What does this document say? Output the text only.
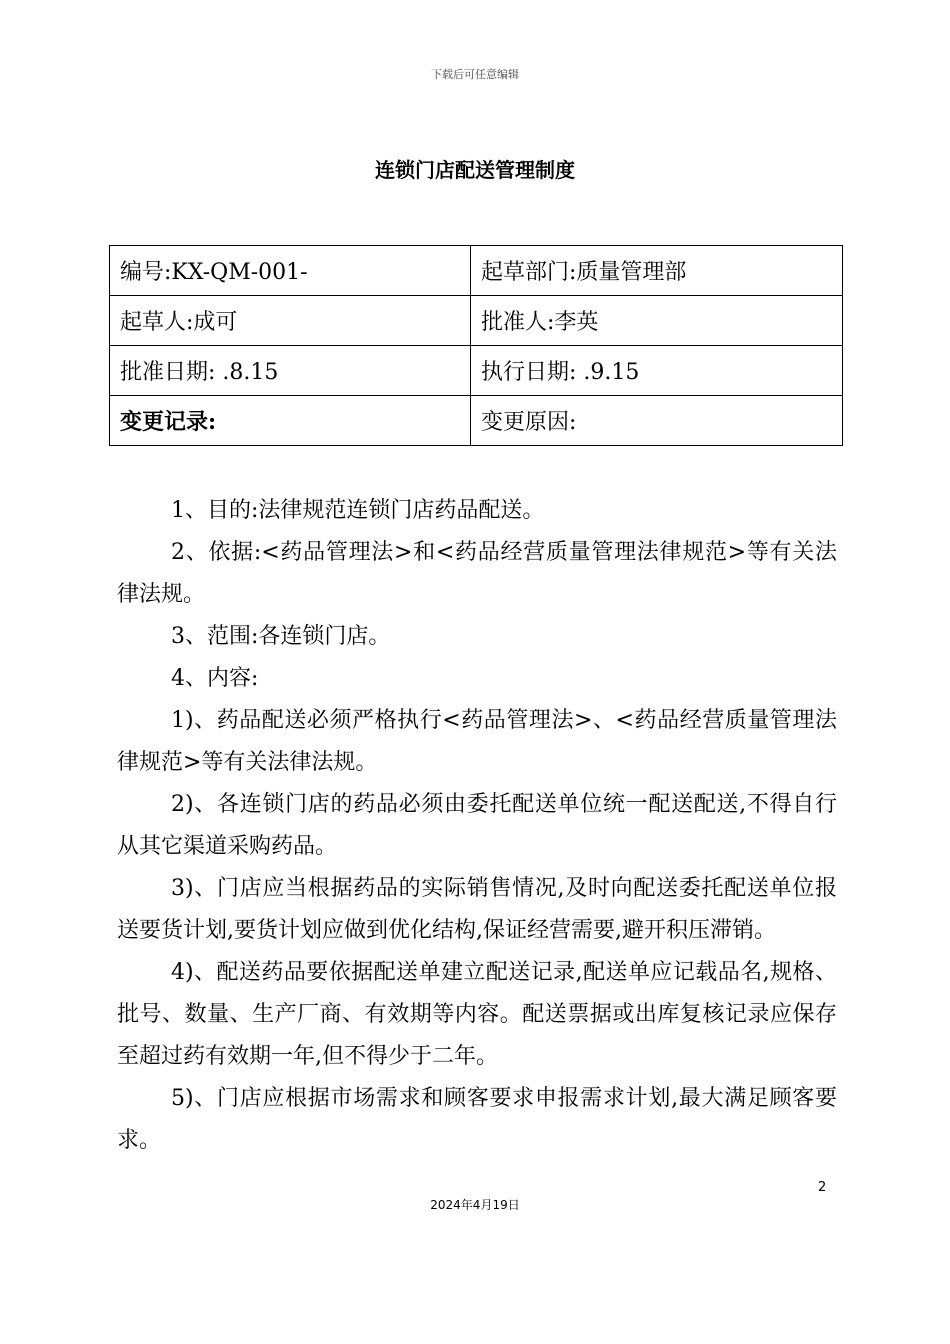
下载后可任意编辑
连锁门店配送管理制度
编号:KX-QM-001-	起草部门:质量管理部
起草人:成可	批准人:李英
批准日期: .8.15	执行日期: .9.15
变更记录:	变更原因:

1、目的:法律规范连锁门店药品配送。

2、依据:<药品管理法>和<药品经营质量管理法律规范>等有关法律法规。

3、范围:各连锁门店。

4、内容:

1)、药品配送必须严格执行<药品管理法>、<药品经营质量管理法律规范>等有关法律法规。

2)、各连锁门店的药品必须由委托配送单位统一配送配送,不得自行从其它渠道采购药品。

3)、门店应当根据药品的实际销售情况,及时向配送委托配送单位报送要货计划,要货计划应做到优化结构,保证经营需要,避开积压滞销。

4)、配送药品要依据配送单建立配送记录,配送单应记载品名,规格、批号、数量、生产厂商、有效期等内容。配送票据或出库复核记录应保存至超过药有效期一年,但不得少于二年。

5)、门店应根据市场需求和顾客要求申报需求计划,最大满足顾客要求。

2
2024年4月19日
